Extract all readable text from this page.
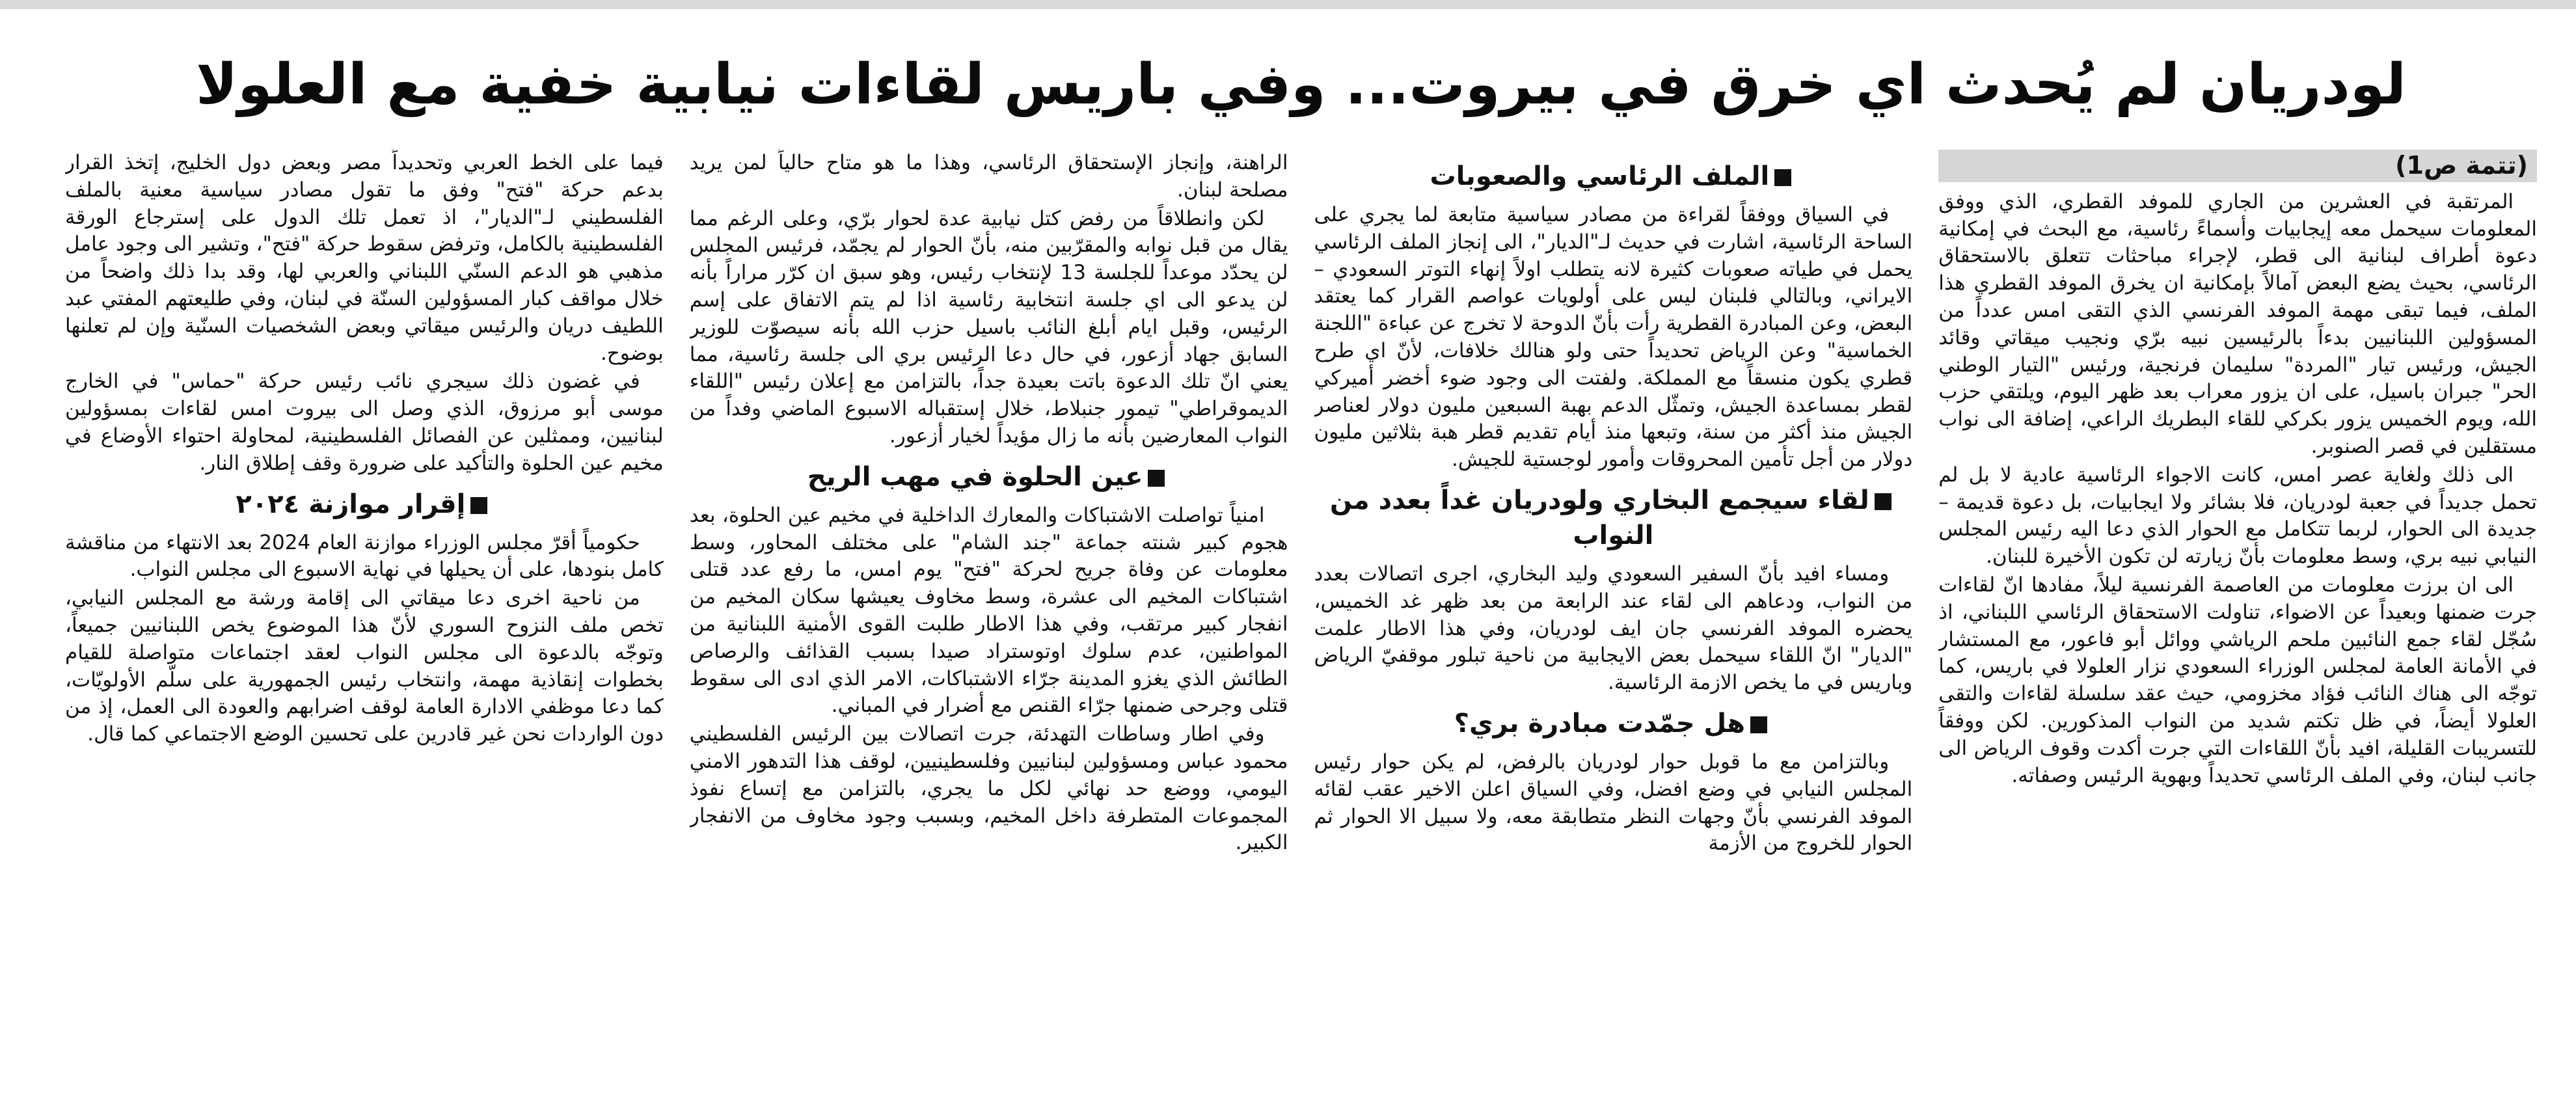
لودريان لم يُحدث اي خرق في بيروت... وفي باريس لقاءات نيابية خفية مع العلولا
(تتمة ص1)

المرتقبة في العشرين من الجاري للموفد القطري، الذي ووفق المعلومات سيحمل معه إيجابيات وأسماءً رئاسية، مع البحث في إمكانية دعوة أطراف لبنانية الى قطر، لإجراء مباحثات تتعلق بالاستحقاق الرئاسي، بحيث يضع البعض آمالاً بإمكانية ان يخرق الموفد القطري هذا الملف، فيما تبقى مهمة الموفد الفرنسي الذي التقى امس عدداً من المسؤولين اللبنانيين بدءاً بالرئيسين نبيه برّي ونجيب ميقاتي وقائد الجيش، ورئيس تيار "المردة" سليمان فرنجية، ورئيس "التيار الوطني الحر" جبران باسيل، على ان يزور معراب بعد ظهر اليوم، ويلتقي حزب الله، ويوم الخميس يزور بكركي للقاء البطريك الراعي، إضافة الى نواب مستقلين في قصر الصنوبر.

الى ذلك ولغاية عصر امس، كانت الاجواء الرئاسية عادية لا بل لم تحمل جديداً في جعبة لودريان، فلا بشائر ولا ايجابيات، بل دعوة قديمة – جديدة الى الحوار، لربما تتكامل مع الحوار الذي دعا اليه رئيس المجلس النيابي نبيه بري، وسط معلومات بأنّ زيارته لن تكون الأخيرة للبنان.

الى ان برزت معلومات من العاصمة الفرنسية ليلاً، مفادها انّ لقاءات جرت ضمنها وبعيداً عن الاضواء، تناولت الاستحقاق الرئاسي اللبناني، اذ سُجّل لقاء جمع النائبين ملحم الرياشي ووائل أبو فاعور، مع المستشار في الأمانة العامة لمجلس الوزراء السعودي نزار العلولا في باريس، كما توجّه الى هناك النائب فؤاد مخزومي، حيث عقد سلسلة لقاءات والتقى العلولا أيضاً، في ظل تكتم شديد من النواب المذكورين. لكن ووفقاً للتسريبات القليلة، افيد بأنّ اللقاءات التي جرت أكدت وقوف الرياض الى جانب لبنان، وفي الملف الرئاسي تحديداً وبهوية الرئيس وصفاته.

الملف الرئاسي والصعوبات

في السياق ووفقاً لقراءة من مصادر سياسية متابعة لما يجري على الساحة الرئاسية، اشارت في حديث لـ"الديار"، الى إنجاز الملف الرئاسي يحمل في طياته صعوبات كثيرة لانه يتطلب اولاً إنهاء التوتر السعودي – الايراني، وبالتالي فلبنان ليس على أولويات عواصم القرار كما يعتقد البعض، وعن المبادرة القطرية رأت بأنّ الدوحة لا تخرج عن عباءة "اللجنة الخماسية" وعن الرياض تحديداً حتى ولو هنالك خلافات، لأنّ اي طرح قطري يكون منسقاً مع المملكة. ولفتت الى وجود ضوء أخضر أميركي لقطر بمساعدة الجيش، وتمثّل الدعم بهبة السبعين مليون دولار لعناصر الجيش منذ أكثر من سنة، وتبعها منذ أيام تقديم قطر هبة بثلاثين مليون دولار من أجل تأمين المحروقات وأمور لوجستية للجيش.

لقاء سيجمع البخاري ولودريان غداً بعدد من النواب

ومساء افيد بأنّ السفير السعودي وليد البخاري، اجرى اتصالات بعدد من النواب، ودعاهم الى لقاء عند الرابعة من بعد ظهر غد الخميس، يحضره الموفد الفرنسي جان ايف لودريان، وفي هذا الاطار علمت "الديار" انّ اللقاء سيحمل بعض الايجابية من ناحية تبلور موقفيّ الرياض وباريس في ما يخص الازمة الرئاسية.

هل جمّدت مبادرة بري؟

وبالتزامن مع ما قوبل حوار لودريان بالرفض، لم يكن حوار رئيس المجلس النيابي في وضع افضل، وفي السياق اعلن الاخير عقب لقائه الموفد الفرنسي بأنّ وجهات النظر متطابقة معه، ولا سبيل الا الحوار ثم الحوار للخروج من الأزمة

الراهنة، وإنجاز الإستحقاق الرئاسي، وهذا ما هو متاح حالياً لمن يريد مصلحة لبنان.

لكن وانطلاقاً من رفض كتل نيابية عدة لحوار برّي، وعلى الرغم مما يقال من قبل نوابه والمقرّبين منه، بأنّ الحوار لم يجمّد، فرئيس المجلس لن يحدّد موعداً للجلسة 13 لإنتخاب رئيس، وهو سبق ان كرّر مراراً بأنه لن يدعو الى اي جلسة انتخابية رئاسية اذا لم يتم الاتفاق على إسم الرئيس، وقبل ايام أبلغ النائب باسيل حزب الله بأنه سيصوّت للوزير السابق جهاد أزعور، في حال دعا الرئيس بري الى جلسة رئاسية، مما يعني انّ تلك الدعوة باتت بعيدة جداً، بالتزامن مع إعلان رئيس "اللقاء الديموقراطي" تيمور جنبلاط، خلال إستقباله الاسبوع الماضي وفداً من النواب المعارضين بأنه ما زال مؤيداً لخيار أزعور.

عين الحلوة في مهب الريح

امنياً تواصلت الاشتباكات والمعارك الداخلية في مخيم عين الحلوة، بعد هجوم كبير شنته جماعة "جند الشام" على مختلف المحاور، وسط معلومات عن وفاة جريح لحركة "فتح" يوم امس، ما رفع عدد قتلى اشتباكات المخيم الى عشرة، وسط مخاوف يعيشها سكان المخيم من انفجار كبير مرتقب، وفي هذا الاطار طلبت القوى الأمنية اللبنانية من المواطنين، عدم سلوك اوتوستراد صيدا بسبب القذائف والرصاص الطائش الذي يغزو المدينة جرّاء الاشتباكات، الامر الذي ادى الى سقوط قتلى وجرحى ضمنها جرّاء القنص مع أضرار في المباني.

وفي اطار وساطات التهدئة، جرت اتصالات بين الرئيس الفلسطيني محمود عباس ومسؤولين لبنانيين وفلسطينيين، لوقف هذا التدهور الامني اليومي، ووضع حد نهائي لكل ما يجري، بالتزامن مع إتساع نفوذ المجموعات المتطرفة داخل المخيم، وبسبب وجود مخاوف من الانفجار الكبير.

فيما على الخط العربي وتحديداً مصر وبعض دول الخليج، إتخذ القرار بدعم حركة "فتح" وفق ما تقول مصادر سياسية معنية بالملف الفلسطيني لـ"الديار"، اذ تعمل تلك الدول على إسترجاع الورقة الفلسطينية بالكامل، وترفض سقوط حركة "فتح"، وتشير الى وجود عامل مذهبي هو الدعم السنّي اللبناني والعربي لها، وقد بدا ذلك واضحاً من خلال مواقف كبار المسؤولين السنّة في لبنان، وفي طليعتهم المفتي عبد اللطيف دريان والرئيس ميقاتي وبعض الشخصيات السنّية وإن لم تعلنها بوضوح.

في غضون ذلك سيجري نائب رئيس حركة "حماس" في الخارج موسى أبو مرزوق، الذي وصل الى بيروت امس لقاءات بمسؤولين لبنانيين، وممثلين عن الفصائل الفلسطينية، لمحاولة احتواء الأوضاع في مخيم عين الحلوة والتأكيد على ضرورة وقف إطلاق النار.

إقرار موازنة ٢٠٢٤

حكومياً أقرّ مجلس الوزراء موازنة العام 2024 بعد الانتهاء من مناقشة كامل بنودها، على أن يحيلها في نهاية الاسبوع الى مجلس النواب.

من ناحية اخرى دعا ميقاتي الى إقامة ورشة مع المجلس النيابي، تخص ملف النزوح السوري لأنّ هذا الموضوع يخص اللبنانيين جميعاً، وتوجّه بالدعوة الى مجلس النواب لعقد اجتماعات متواصلة للقيام بخطوات إنقاذية مهمة، وانتخاب رئيس الجمهورية على سلّم الأولويّات، كما دعا موظفي الادارة العامة لوقف اضرابهم والعودة الى العمل، إذ من دون الواردات نحن غير قادرين على تحسين الوضع الاجتماعي كما قال.
